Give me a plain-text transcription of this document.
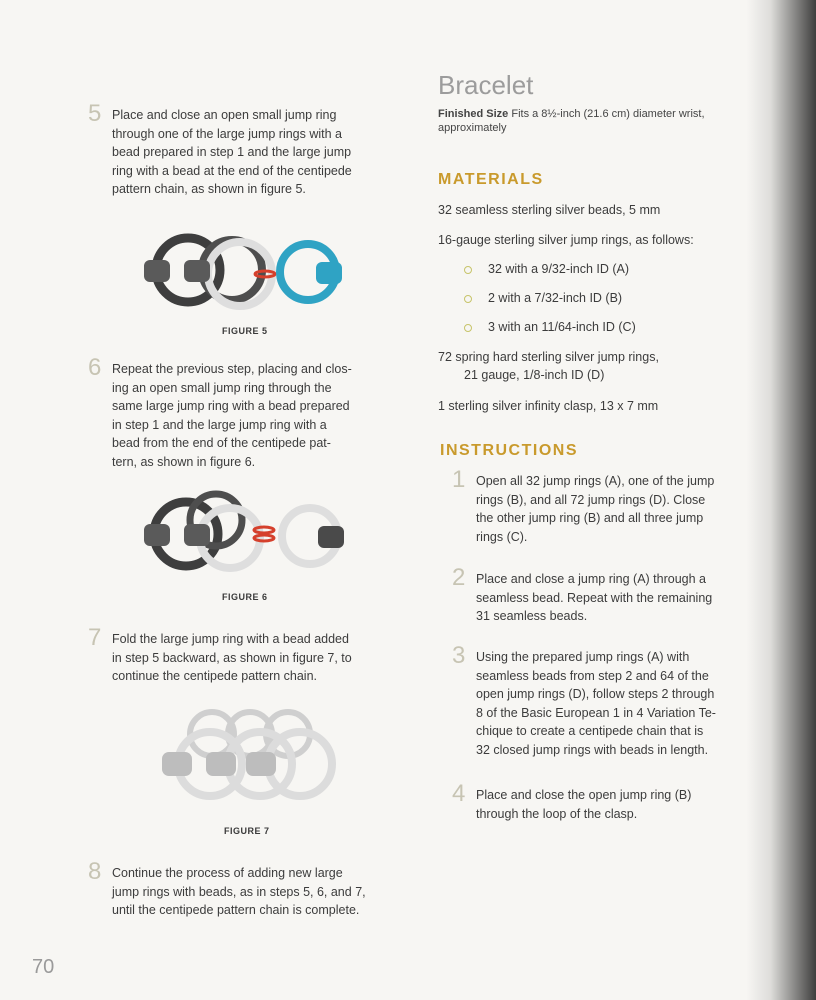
5 Place and close an open small jump ring
through one of the large jump rings with a
bead prepared in step 1 and the large jump
ring with a bead at the end of the centipede
pattern chain, as shown in figure 5.
FIGURE 5
6 Repeat the previous step, placing and clos-
ing an open small jump ring through the
same large jump ring with a bead prepared
in step 1 and the large jump ring with a
bead from the end of the centipede pat-
tern, as shown in figure 6.
FIGURE 6
7 Fold the large jump ring with a bead added
in step 5 backward, as shown in figure 7, to
continue the centipede pattern chain.
FIGURE 7
8 Continue the process of adding new large
jump rings with beads, as in steps 5, 6, and 7,
until the centipede pattern chain is complete.
70
Bracelet
Finished Size Fits a 8½-inch (21.6 cm) diameter wrist,
approximately
MATERIALS
32 seamless sterling silver beads, 5 mm
16-gauge sterling silver jump rings, as follows:
32 with a 9/32-inch ID (A)
2 with a 7/32-inch ID (B)
3 with an 11/64-inch ID (C)
72 spring hard sterling silver jump rings,
21 gauge, 1/8-inch ID (D)
1 sterling silver infinity clasp, 13 x 7 mm
INSTRUCTIONS
1 Open all 32 jump rings (A), one of the jump
rings (B), and all 72 jump rings (D). Close
the other jump ring (B) and all three jump
rings (C).
2 Place and close a jump ring (A) through a
seamless bead. Repeat with the remaining
31 seamless beads.
3 Using the prepared jump rings (A) with
seamless beads from step 2 and 64 of the
open jump rings (D), follow steps 2 through
8 of the Basic European 1 in 4 Variation Te-
chique to create a centipede chain that is
32 closed jump rings with beads in length.
4 Place and close the open jump ring (B)
through the loop of the clasp.
